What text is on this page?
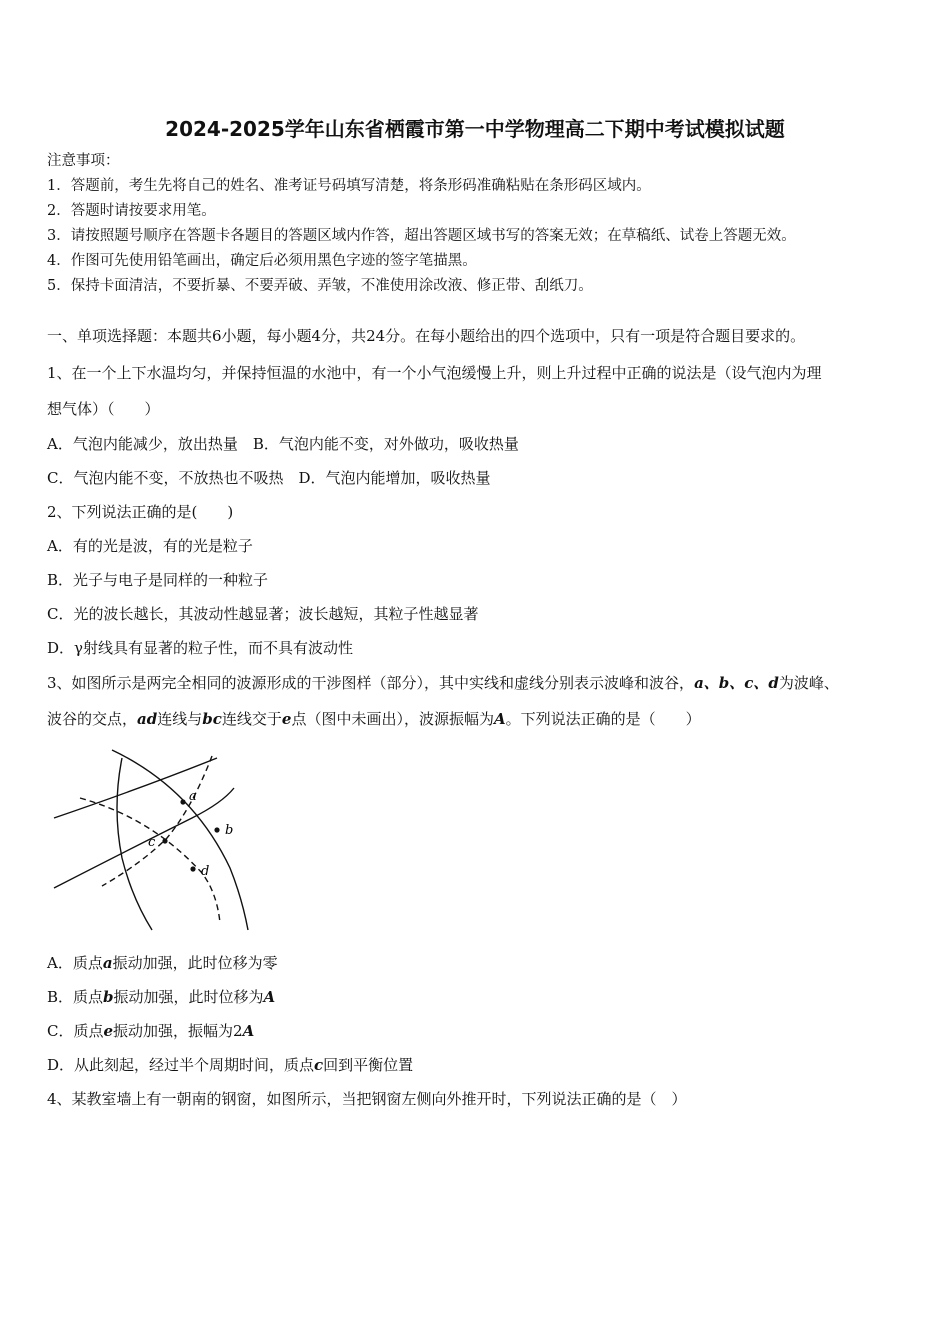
2024-2025学年山东省栖霞市第一中学物理高二下期中考试模拟试题
注意事项：
1．答题前，考生先将自己的姓名、准考证号码填写清楚，将条形码准确粘贴在条形码区域内。
2．答题时请按要求用笔。
3．请按照题号顺序在答题卡各题目的答题区域内作答，超出答题区域书写的答案无效；在草稿纸、试卷上答题无效。
4．作图可先使用铅笔画出，确定后必须用黑色字迹的签字笔描黑。
5．保持卡面清洁，不要折暴、不要弄破、弄皱，不准使用涂改液、修正带、刮纸刀。
一、单项选择题：本题共6小题，每小题4分，共24分。在每小题给出的四个选项中，只有一项是符合题目要求的。
1、在一个上下水温均匀，并保持恒温的水池中，有一个小气泡缓慢上升，则上升过程中正确的说法是（设气泡内为理
想气体）（　　）
A．气泡内能减少，放出热量　B．气泡内能不变，对外做功，吸收热量
C．气泡内能不变，不放热也不吸热　D．气泡内能增加，吸收热量
2、下列说法正确的是(　　)
A．有的光是波，有的光是粒子
B．光子与电子是同样的一种粒子
C．光的波长越长，其波动性越显著；波长越短，其粒子性越显著
D．γ射线具有显著的粒子性，而不具有波动性
3、如图所示是两完全相同的波源形成的干涉图样（部分），其中实线和虚线分别表示波峰和波谷，a、b、c、d为波峰、
波谷的交点，ad连线与bc连线交于e点（图中未画出），波源振幅为A。下列说法正确的是（　　）
a
b
c
d
A．质点a振动加强，此时位移为零
B．质点b振动加强，此时位移为A
C．质点e振动加强，振幅为2A
D．从此刻起，经过半个周期时间，质点c回到平衡位置
4、某教室墙上有一朝南的钢窗，如图所示，当把钢窗左侧向外推开时，下列说法正确的是（　）
